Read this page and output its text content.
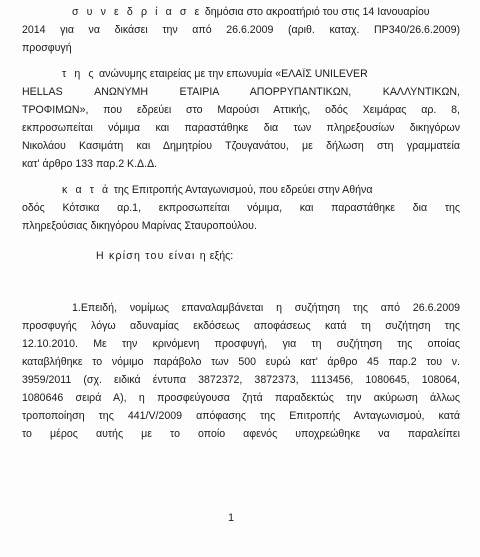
σ υ ν ε δ ρ ί α σ ε δημόσια στο ακροατήριό του στις 14 Ιανουαρίου
2014 για να δικάσει την από 26.6.2009 (αριθ. καταχ. ΠΡ340/26.6.2009)
προσφυγή
τ η ς ανώνυμης εταιρείας με την επωνυμία «ΕΛΑΪΣ UNILEVER
HELLAS ΑΝΩΝΥΜΗ ΕΤΑΙΡΙΑ ΑΠΟΡΡΥΠΑΝΤΙΚΩΝ, ΚΑΛΛΥΝΤΙΚΩΝ,
ΤΡΟΦΙΜΩΝ», που εδρεύει στο Μαρούσι Αττικής, οδός Χειμάρας αρ. 8,
εκπροσωπείται νόμιμα και παραστάθηκε δια των πληρεξουσίων δικηγόρων
Νικολάου Κασιμάτη και Δημητρίου Τζουγανάτου, με δήλωση στη γραμματεία
κατ' άρθρο 133 παρ.2 Κ.Δ.Δ.
κ α τ ά της Επιτροπής Ανταγωνισμού, που εδρεύει στην Αθήνα
οδός Κότσικα αρ.1, εκπροσωπείται νόμιμα, και παραστάθηκε δια της
πληρεξούσιας δικηγόρου Μαρίνας Σταυροπούλου.
Η κρίση του είναι η εξής:
1.Επειδή, νομίμως επαναλαμβάνεται η συζήτηση της από 26.6.2009
προσφυγής λόγω αδυναμίας εκδόσεως αποφάσεως κατά τη συζήτηση της
12.10.2010. Με την κρινόμενη προσφυγή, για τη συζήτηση της οποίας
καταβλήθηκε το νόμιμο παράβολο των 500 ευρώ κατ' άρθρο 45 παρ.2 του ν.
3959/2011 (σχ. ειδικά έντυπα 3872372, 3872373, 1113456, 1080645, 108064,
1080646 σειρά Α), η προσφεύγουσα ζητά παραδεκτώς την ακύρωση άλλως
τροποποίηση της 441/V/2009 απόφασης της Επιτροπής Ανταγωνισμού, κατά
το μέρος αυτής με το οποίο αφενός υποχρεώθηκε να παραλείπει
1
